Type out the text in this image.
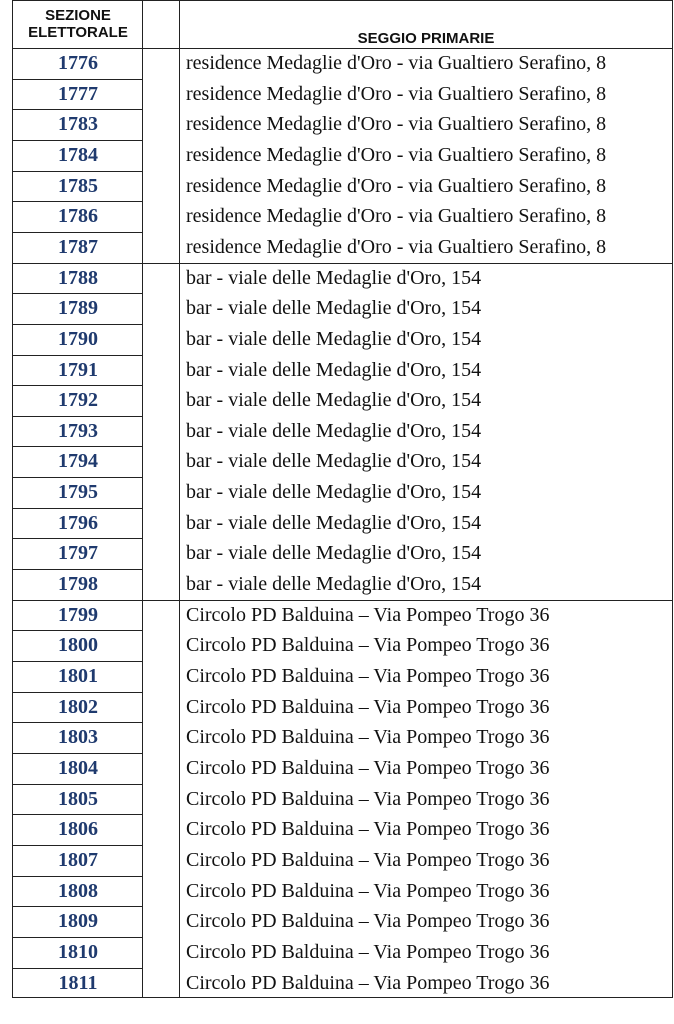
SEZIONE
ELETTORALE	SEGGIO PRIMARIE
1776	residence Medaglie d'Oro - via Gualtiero Serafino, 8
1777	residence Medaglie d'Oro - via Gualtiero Serafino, 8
1783	residence Medaglie d'Oro - via Gualtiero Serafino, 8
1784	residence Medaglie d'Oro - via Gualtiero Serafino, 8
1785	residence Medaglie d'Oro - via Gualtiero Serafino, 8
1786	residence Medaglie d'Oro - via Gualtiero Serafino, 8
1787	residence Medaglie d'Oro - via Gualtiero Serafino, 8
1788	bar - viale delle Medaglie d'Oro, 154
1789	bar - viale delle Medaglie d'Oro, 154
1790	bar - viale delle Medaglie d'Oro, 154
1791	bar - viale delle Medaglie d'Oro, 154
1792	bar - viale delle Medaglie d'Oro, 154
1793	bar - viale delle Medaglie d'Oro, 154
1794	bar - viale delle Medaglie d'Oro, 154
1795	bar - viale delle Medaglie d'Oro, 154
1796	bar - viale delle Medaglie d'Oro, 154
1797	bar - viale delle Medaglie d'Oro, 154
1798	bar - viale delle Medaglie d'Oro, 154
1799	Circolo PD Balduina – Via Pompeo Trogo 36
1800	Circolo PD Balduina – Via Pompeo Trogo 36
1801	Circolo PD Balduina – Via Pompeo Trogo 36
1802	Circolo PD Balduina – Via Pompeo Trogo 36
1803	Circolo PD Balduina – Via Pompeo Trogo 36
1804	Circolo PD Balduina – Via Pompeo Trogo 36
1805	Circolo PD Balduina – Via Pompeo Trogo 36
1806	Circolo PD Balduina – Via Pompeo Trogo 36
1807	Circolo PD Balduina – Via Pompeo Trogo 36
1808	Circolo PD Balduina – Via Pompeo Trogo 36
1809	Circolo PD Balduina – Via Pompeo Trogo 36
1810	Circolo PD Balduina – Via Pompeo Trogo 36
1811	Circolo PD Balduina – Via Pompeo Trogo 36
